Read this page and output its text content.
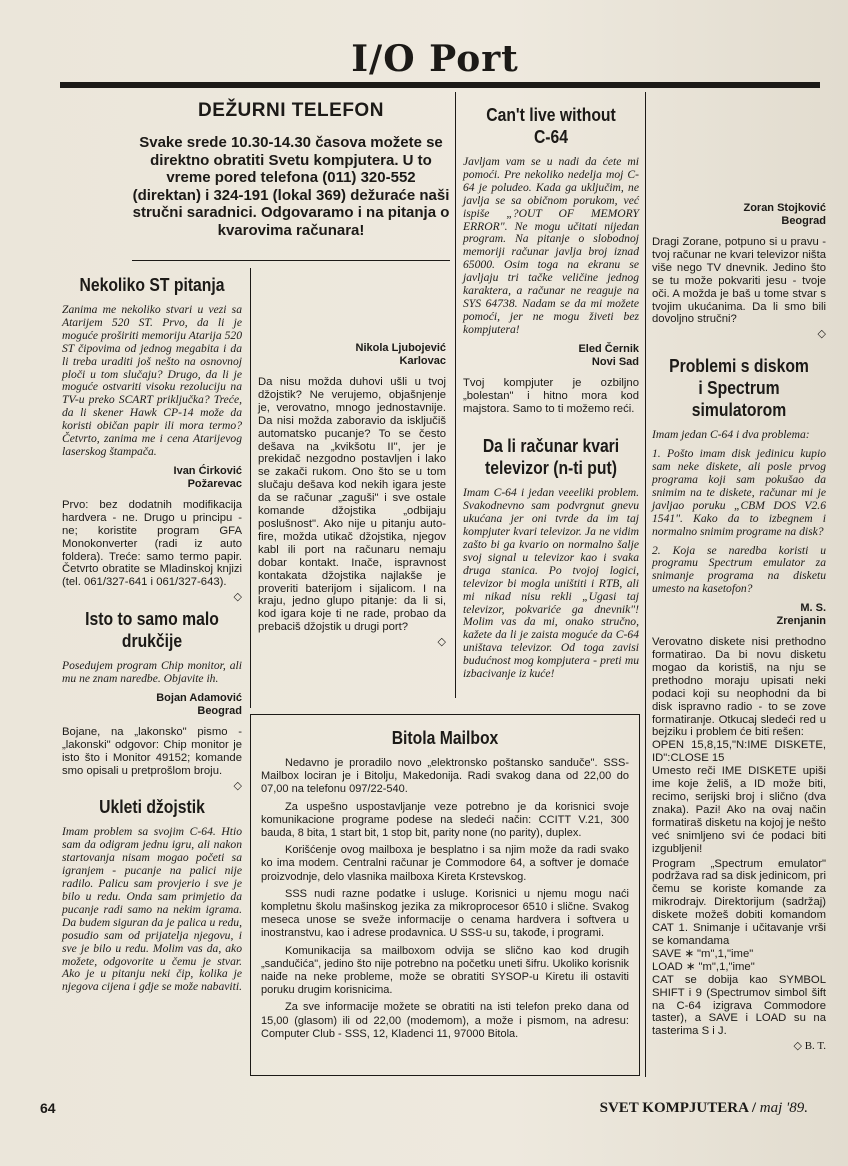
I/O Port
DEŽURNI TELEFON
Svake srede 10.30-14.30 časova možete se direktno obratiti Svetu kompjutera. U to vreme pored telefona (011) 320-552 (direktan) i 324-191 (lokal 369) dežuraće naši stručni saradnici. Odgovaramo i na pitanja o kvarovima računara!
Nekoliko ST pitanja

Zanima me nekoliko stvari u vezi sa Atarijem 520 ST. Prvo, da li je moguće proširiti memoriju Atarija 520 ST čipovima od jednog megabita i da li treba uraditi još nešto na osnovnoj ploči u tom slučaju? Drugo, da li je moguće ostvariti visoku rezoluciju na TV-u preko SCART priključka? Treće, da li skener Hawk CP-14 može da koristi običan papir ili mora termo? Četvrto, zanima me i cena Atarijevog laserskog štampača.

Ivan Ćirković
Požarevac

Prvo: bez dodatnih modifikacija hardvera - ne. Drugo u principu - ne; koristite program GFA Monokonverter (radi iz auto foldera). Treće: samo termo papir. Četvrto obratite se Mladinskoj knjizi (tel. 061/327-641 i 061/327-643).

◇
Isto to samo malo drukčije

Posedujem program Chip monitor, ali mu ne znam naredbe. Objavite ih.

Bojan Adamović
Beograd

Bojane, na „lakonsko" pismo - „lakonski" odgovor: Chip monitor je isto što i Monitor 49152; komande smo opisali u pretprošlom broju.

◇
Ukleti džojstik

Imam problem sa svojim C-64. Htio sam da odigram jednu igru, ali nakon startovanja nisam mogao početi sa igranjem - pucanje na palici nije radilo. Palicu sam provjerio i sve je bilo u redu. Onda sam primjetio da pucanje radi samo na nekim igrama. Da budem siguran da je palica u redu, posudio sam od prijatelja njegovu, i sve je bilo u redu. Molim vas da, ako možete, odgovorite u čemu je stvar. Ako je u pitanju neki čip, kolika je njegova cijena i gdje se može nabaviti.

Nikola Ljubojević
Karlovac

Da nisu možda duhovi ušli u tvoj džojstik? Ne verujemo, objašnjenje je, verovatno, mnogo jednostavnije. Da nisi možda zaboravio da isključiš automatsko pucanje? To se često dešava na „kvikšotu II", jer je prekidač nezgodno postavljen i lako se zakači rukom. Ono što se u tom slučaju dešava kod nekih igara jeste da se računar „zaguši" i sve ostale komande džojstika „odbijaju poslušnost". Ako nije u pitanju auto-fire, možda utikač džojstika, njegov kabl ili port na računaru nemaju dobar kontakt. Inače, ispravnost kontakata džojstika najlakše je proveriti baterijom i sijalicom. I na kraju, jedno glupo pitanje: da li si, kod igara koje ti ne rade, probao da prebaciš džojstik u drugi port?

◇
Can't live without C-64

Javljam vam se u nadi da ćete mi pomoći. Pre nekoliko nedelja moj C-64 je poludeo. Kada ga uključim, ne javlja se sa običnom porukom, već ispiše „?OUT OF MEMORY ERROR". Ne mogu učitati nijedan program. Na pitanje o slobodnoj memoriji računar javlja broj iznad 65000. Osim toga na ekranu se javljaju tri tačke veličine jednog karaktera, a računar ne reaguje na SYS 64738. Nadam se da mi možete pomoći, jer ne mogu živeti bez kompjutera!

Eled Černik
Novi Sad

Tvoj kompjuter je ozbiljno „bolestan" i hitno mora kod majstora. Samo to ti možemo reći.

Da li računar kvari televizor (n-ti put)

Imam C-64 i jedan veeeliki problem. Svakodnevno sam podvrgnut gnevu ukućana jer oni tvrde da im taj kompjuter kvari televizor. Ja ne vidim zašto bi ga kvario on normalno šalje svoj signal u televizor kao i svaka druga stanica. Po tvojoj logici, televizor bi mogla uništiti i RTB, ali mi nikad nisu rekli „Ugasi taj televizor, pokvariće ga dnevnik"! Molim vas da mi, onako stručno, kažete da li je zaista moguće da C-64 uništava televizor. Od toga zavisi budućnost mog kompjutera - preti mu izbacivanje iz kuće!

Zoran Stojković
Beograd

Dragi Zorane, potpuno si u pravu - tvoj računar ne kvari televizor ništa više nego TV dnevnik. Jedino što se tu može pokvariti jesu - tvoje oči. A možda je baš u tome stvar s tvojim ukućanima. Da li smo bili dovoljno stručni?

◇
Problemi s diskom i Spectrum simulatorom

Imam jedan C-64 i dva problema:

1. Pošto imam disk jedinicu kupio sam neke diskete, ali posle prvog programa koji sam pokušao da snimim na te diskete, računar mi je javljao poruku „CBM DOS V2.6 1541". Kako da to izbegnem i normalno snimim programe na disk?

2. Koja se naredba koristi u programu Spectrum emulator za snimanje programa na disketu umesto na kasetofon?

M. S.
Zrenjanin

Verovatno diskete nisi prethodno formatirao. Da bi novu disketu mogao da koristiš, na nju se prethodno moraju upisati neki podaci koji su neophodni da bi disk ispravno radio - to se zove formatiranje. Otkucaj sledeći red u bejziku i problem će biti rešen:

OPEN 15,8,15,"N:IME DISKETE, ID":CLOSE 15

Umesto reči IME DISKETE upiši ime koje želiš, a ID može biti, recimo, serijski broj i slično (dva znaka). Pazi! Ako na ovaj način formatiraš disketu na kojoj je nešto već snimljeno svi će podaci biti izgubljeni!

Program „Spectrum emulator" podržava rad sa disk jedinicom, pri čemu se koriste komande za mikrodrajv. Direktorijum (sadržaj) diskete možeš dobiti komandom CAT 1. Snimanje i učitavanje vrši se komandama

SAVE ∗ "m",1,"ime"
LOAD ∗ "m",1,"ime"

CAT se dobija kao SYMBOL SHIFT i 9 (Spectrumov simbol šift na C-64 izigrava Commodore taster), a SAVE i LOAD su na tasterima S i J.

◇ B. T.
Bitola Mailbox

Nedavno je proradilo novo „elektronsko poštansko sanduče". SSS-Mailbox lociran je i Bitolju, Makedonija. Radi svakog dana od 22,00 do 07,00 na telefonu 097/22-540.

Za uspešno uspostavljanje veze potrebno je da korisnici svoje komunikacione programe podese na sledeći način: CCITT V.21, 300 bauda, 8 bita, 1 start bit, 1 stop bit, parity none (no parity), duplex.

Korišćenje ovog mailboxa je besplatno i sa njim može da radi svako ko ima modem. Centralni računar je Commodore 64, a softver je domaće proizvodnje, delo vlasnika mailboxa Kireta Krstevskog.

SSS nudi razne podatke i usluge. Korisnici u njemu mogu naći kompletnu školu mašinskog jezika za mikroprocesor 6510 i slične. Svakog meseca unose se sveže informacije o cenama hardvera i softvera u inostranstvu, kao i adrese prodavnica. U SSS-u su, takođe, i programi.

Komunikacija sa mailboxom odvija se slično kao kod drugih „sandučića", jedino što nije potrebno na početku uneti šifru. Ukoliko korisnik naiđe na neke probleme, može se obratiti SYSOP-u Kiretu ili ostaviti poruku drugim korisnicima.

Za sve informacije možete se obratiti na isti telefon preko dana od 15,00 (glasom) ili od 22,00 (modemom), a može i pismom, na adresu: Computer Club - SSS, 12, Kladenci 11, 97000 Bitola.

64	SVET KOMPJUTERA / maj '89.
